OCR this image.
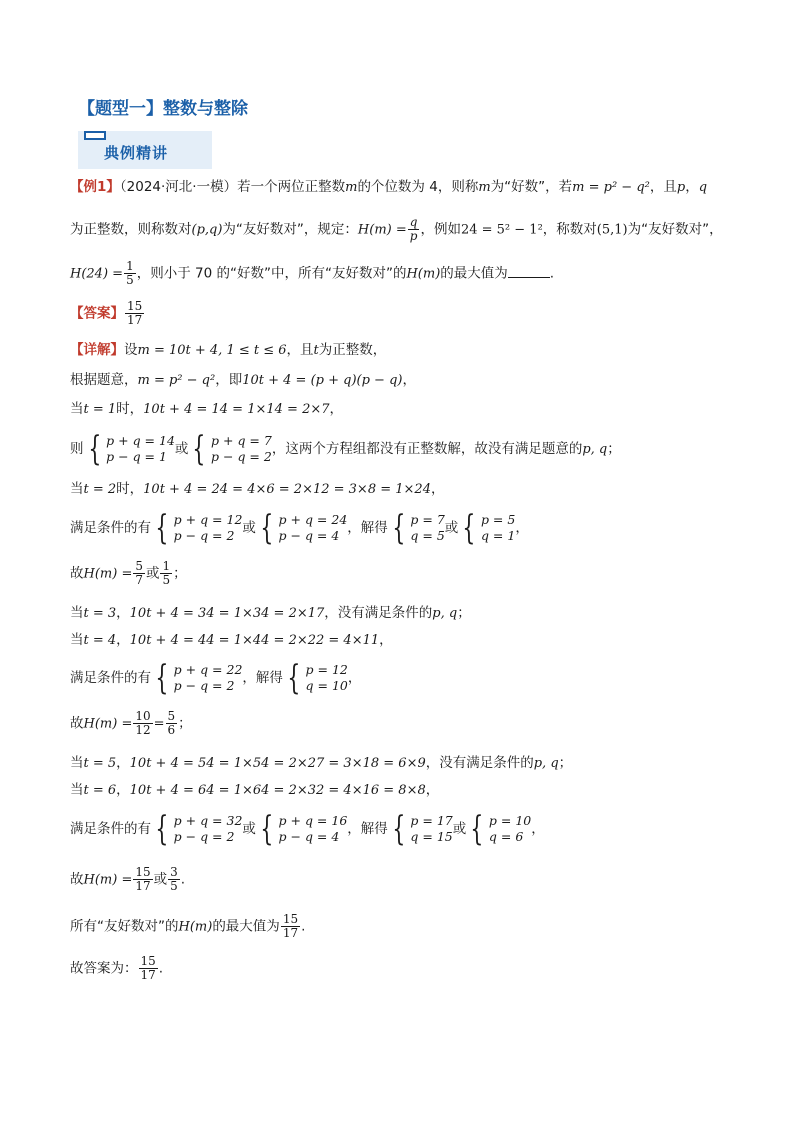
【题型一】整数与整除
典例精讲
【例1】（2024·河北·一模）若一个两位正整数m的个位数为 4，则称m为“好数”，若m = p² − q²，且p，q
为正整数，则称数对(p,q)为“友好数对”，规定：$H(m) = \frac{q}{p}$ ，例如24 = 5² − 1²，称数对(5,1)为“友好数对”，
$H(24) = \frac{1}{5}$ ，则小于 70 的“好数”中，所有“友好数对”的H(m)的最大值为	.
【答案】 $\frac{15}{17}$
【详解】设m = 10t + 4, 1 ≤ t ≤ 6，且t为正整数，
根据题意，m = p² − q²，即10t + 4 = (p + q)(p − q)，
当t = 1时，10t + 4 = 14 = 1×14 = 2×7，
则 { p + q = 14
p − q = 1 或 { p + q = 7
p − q = 2 ，这两个方程组都没有正整数解，故没有满足题意的p, q；
当t = 2时，10t + 4 = 24 = 4×6 = 2×12 = 3×8 = 1×24，
满足条件的有 { p + q = 12
p − q = 2 或 { p + q = 24
p − q = 4 ，解得 { p = 7
q = 5 或 { p = 5
q = 1 ，
故$H(m) = \frac{5}{7}$ 或 $\frac{1}{5}$ ；
当t = 3，10t + 4 = 34 = 1×34 = 2×17，没有满足条件的p, q；
当t = 4，10t + 4 = 44 = 1×44 = 2×22 = 4×11，
满足条件的有 { p + q = 22
p − q = 2 ，解得 { p = 12
q = 10 ，
故$H(m) = \frac{10}{12} = \frac{5}{6}$ ；
当t = 5，10t + 4 = 54 = 1×54 = 2×27 = 3×18 = 6×9，没有满足条件的p, q；
当t = 6，10t + 4 = 64 = 1×64 = 2×32 = 4×16 = 8×8，
满足条件的有 { p + q = 32
p − q = 2 或 { p + q = 16
p − q = 4 ，解得 { p = 17
q = 15 或 { p = 10
q = 6 ，
故$H(m) = \frac{15}{17}$ 或 $\frac{3}{5}$ .
所有“友好数对”的H(m)的最大值为 $\frac{15}{17}$ .
故答案为： $\frac{15}{17}$ .
